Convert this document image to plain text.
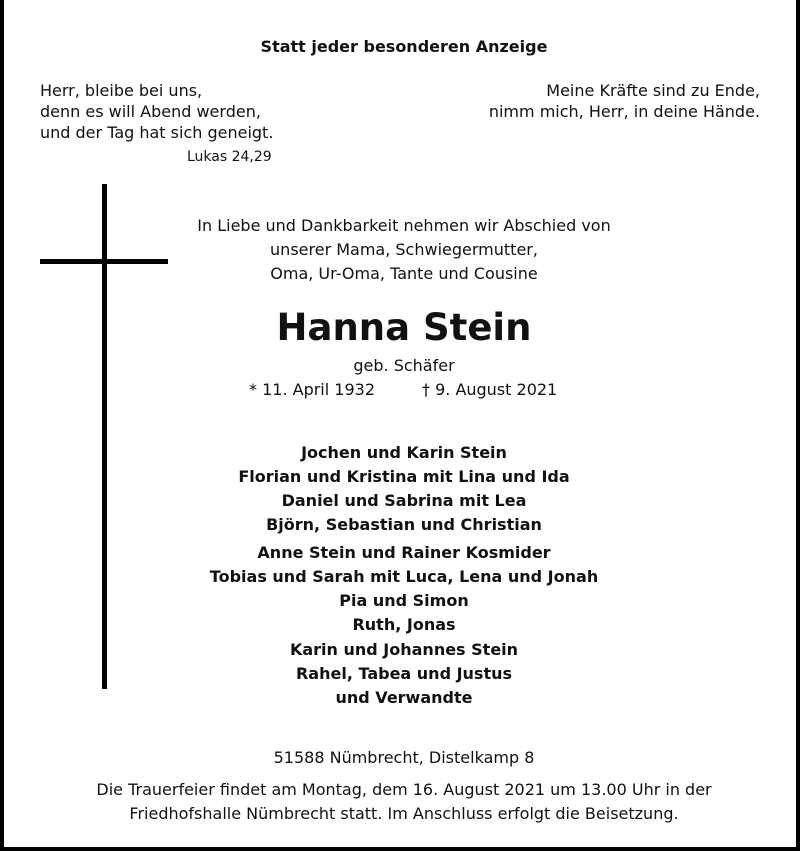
Statt jeder besonderen Anzeige
Herr, bleibe bei uns,
denn es will Abend werden,
und der Tag hat sich geneigt.
Lukas 24,29
Meine Kräfte sind zu Ende,
nimm mich, Herr, in deine Hände.
In Liebe und Dankbarkeit nehmen wir Abschied von
unserer Mama, Schwiegermutter,
Oma, Ur-Oma, Tante und Cousine
Hanna Stein
geb. Schäfer
* 11. April 1932	† 9. August 2021
Jochen und Karin Stein
Florian und Kristina mit Lina und Ida
Daniel und Sabrina mit Lea
Björn, Sebastian und Christian
Anne Stein und Rainer Kosmider
Tobias und Sarah mit Luca, Lena und Jonah
Pia und Simon
Ruth, Jonas
Karin und Johannes Stein
Rahel, Tabea und Justus
und Verwandte
51588 Nümbrecht, Distelkamp 8
Die Trauerfeier findet am Montag, dem 16. August 2021 um 13.00 Uhr in der
Friedhofshalle Nümbrecht statt. Im Anschluss erfolgt die Beisetzung.
